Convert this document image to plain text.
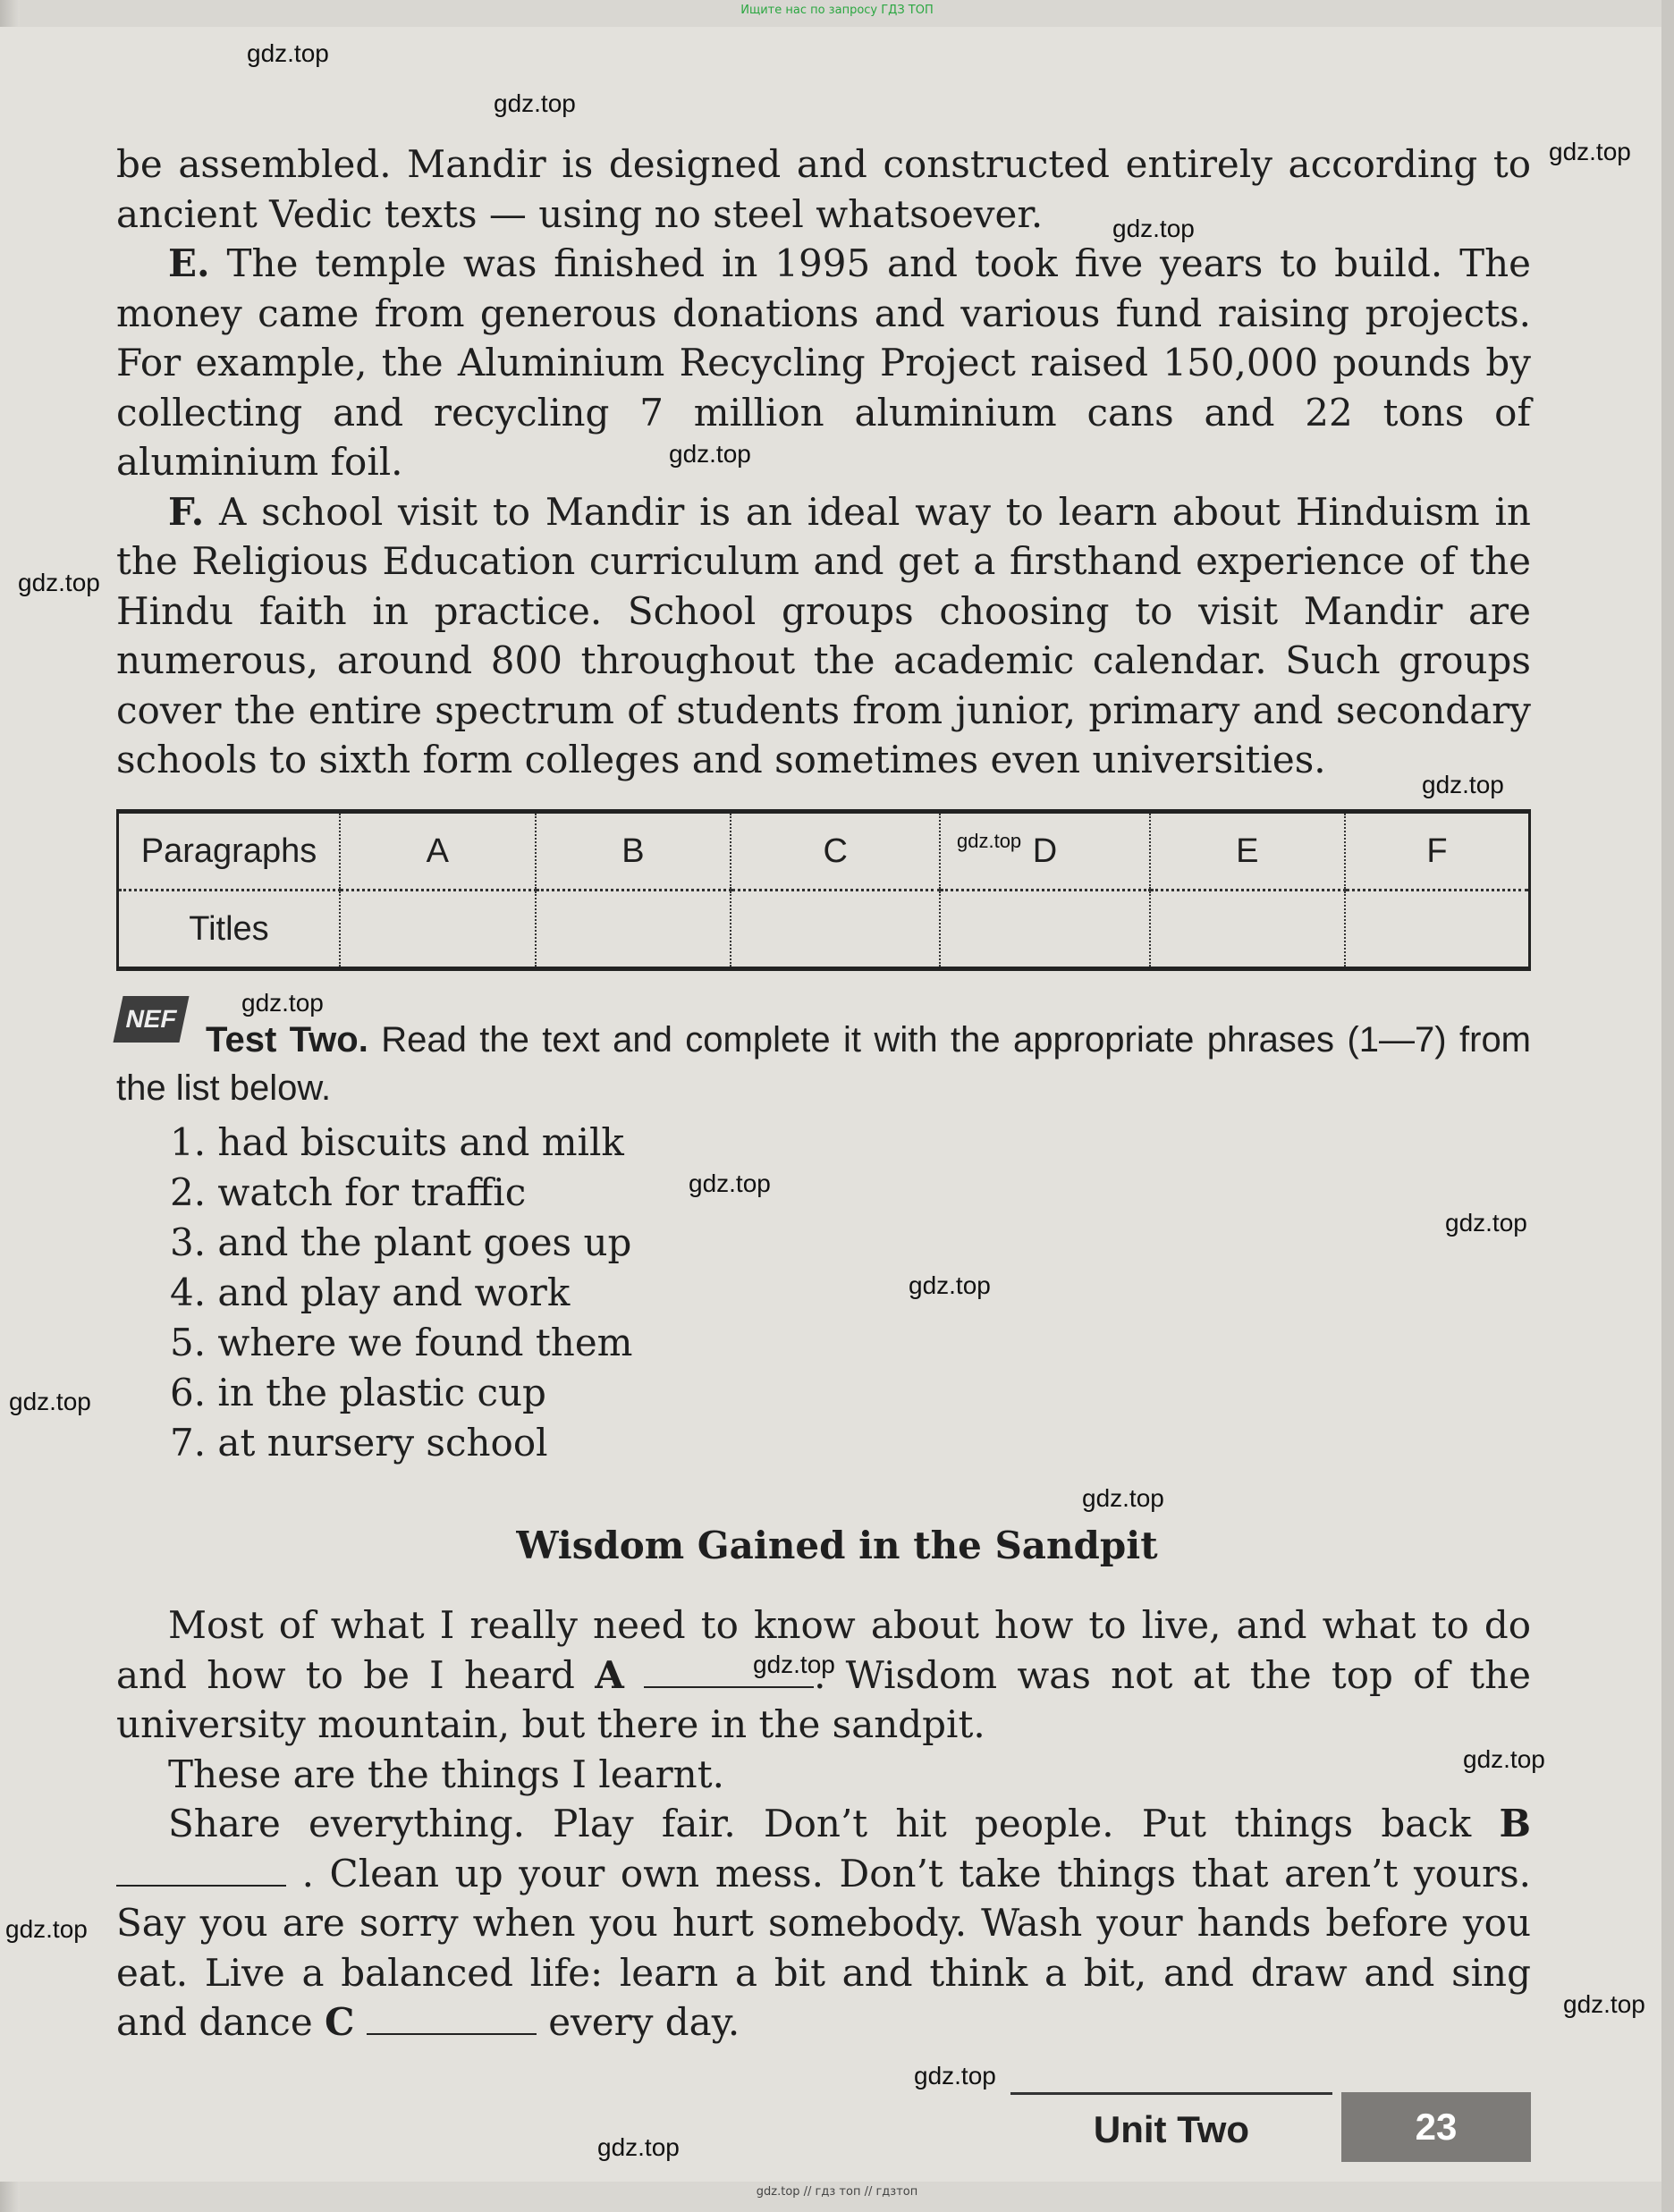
Ищите нас по запросу ГДЗ ТОП
gdz.top
gdz.top
gdz.top
gdz.top
gdz.top
gdz.top
gdz.top
gdz.top
gdz.top
gdz.top
gdz.top
gdz.top
gdz.top
gdz.top
gdz.top
gdz.top
gdz.top
gdz.top
gdz.top
gdz.top

be assembled. Mandir is designed and constructed entirely according to ancient Vedic texts — using no steel whatsoever.

E. The temple was finished in 1995 and took five years to build. The money came from generous donations and various fund raising projects. For example, the Aluminium Recycling Project raised 150,000 pounds by collecting and recycling 7 million aluminium cans and 22 tons of aluminium foil.

F. A school visit to Mandir is an ideal way to learn about Hinduism in the Religious Education curriculum and get a firsthand experience of the Hindu faith in practice. School groups choosing to visit Mandir are numerous, around 800 throughout the academic calendar. Such groups cover the entire spectrum of students from junior, primary and secondary schools to sixth form colleges and sometimes even universities.

Paragraphs	A	B	C	D	E	F
Titles						
NEF
Test Two. Read the text and complete it with the appropriate phrases (1—7) from the list below.
1. had biscuits and milk
2. watch for traffic
3. and the plant goes up
4. and play and work
5. where we found them
6. in the plastic cup
7. at nursery school
Wisdom Gained in the Sandpit

Most of what I really need to know about how to live, and what to do and how to be I heard A	. Wisdom was not at the top of the university mountain, but there in the sandpit.

These are the things I learnt.

Share everything. Play fair. Don’t hit people. Put things back B  . Clean up your own mess. Don’t take things that aren’t yours. Say you are sorry when you hurt somebody. Wash your hands before you eat. Live a balanced life: learn a bit and think a bit, and draw and sing and dance C	every day.

Unit Two	23
gdz.top // гдз топ // гдзтоп
